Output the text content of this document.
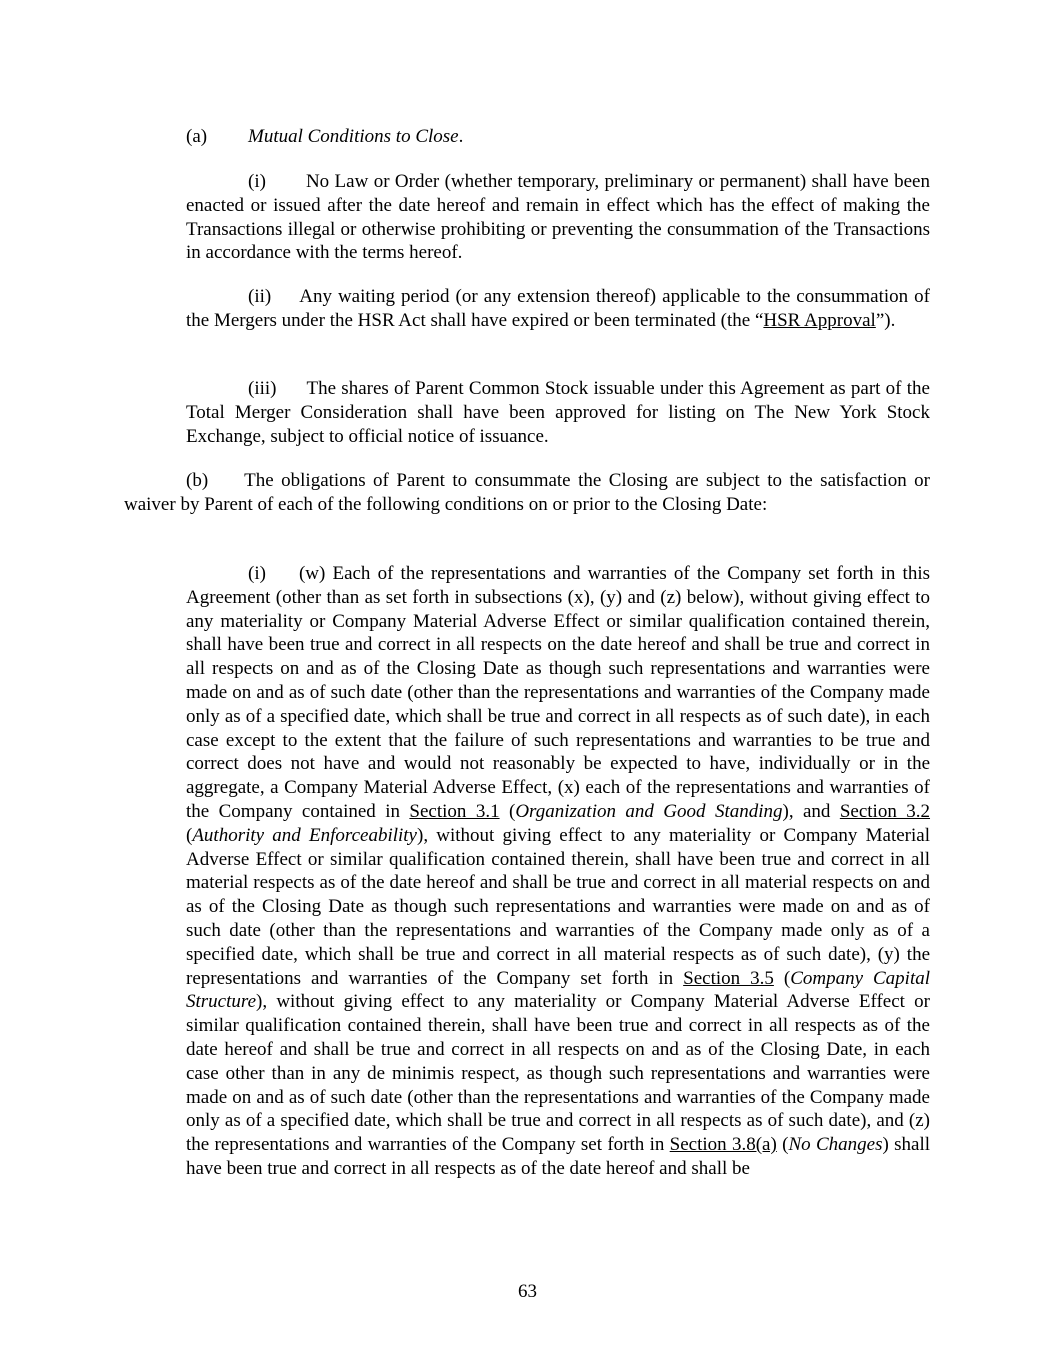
(a) Mutual Conditions to Close.

(i) No Law or Order (whether temporary, preliminary or permanent) shall have been enacted or issued after the date hereof and remain in effect which has the effect of making the Transactions illegal or otherwise prohibiting or preventing the consummation of the Transactions in accordance with the terms hereof.

(ii) Any waiting period (or any extension thereof) applicable to the consummation of the Mergers under the HSR Act shall have expired or been terminated (the “HSR Approval”).

(iii) The shares of Parent Common Stock issuable under this Agreement as part of the Total Merger Consideration shall have been approved for listing on The New York Stock Exchange, subject to official notice of issuance.

(b) The obligations of Parent to consummate the Closing are subject to the satisfaction or waiver by Parent of each of the following conditions on or prior to the Closing Date:

(i) (w) Each of the representations and warranties of the Company set forth in this Agreement (other than as set forth in subsections (x), (y) and (z) below), without giving effect to any materiality or Company Material Adverse Effect or similar qualification contained therein, shall have been true and correct in all respects on the date hereof and shall be true and correct in all respects on and as of the Closing Date as though such representations and warranties were made on and as of such date (other than the representations and warranties of the Company made only as of a specified date, which shall be true and correct in all respects as of such date), in each case except to the extent that the failure of such representations and warranties to be true and correct does not have and would not reasonably be expected to have, individually or in the aggregate, a Company Material Adverse Effect, (x) each of the representations and warranties of the Company contained in Section 3.1 (Organization and Good Standing), and Section 3.2 (Authority and Enforceability), without giving effect to any materiality or Company Material Adverse Effect or similar qualification contained therein, shall have been true and correct in all material respects as of the date hereof and shall be true and correct in all material respects on and as of the Closing Date as though such representations and warranties were made on and as of such date (other than the representations and warranties of the Company made only as of a specified date, which shall be true and correct in all material respects as of such date), (y) the representations and warranties of the Company set forth in Section 3.5 (Company Capital Structure), without giving effect to any materiality or Company Material Adverse Effect or similar qualification contained therein, shall have been true and correct in all respects as of the date hereof and shall be true and correct in all respects on and as of the Closing Date, in each case other than in any de minimis respect, as though such representations and warranties were made on and as of such date (other than the representations and warranties of the Company made only as of a specified date, which shall be true and correct in all respects as of such date), and (z) the representations and warranties of the Company set forth in Section 3.8(a) (No Changes) shall have been true and correct in all respects as of the date hereof and shall be

63
